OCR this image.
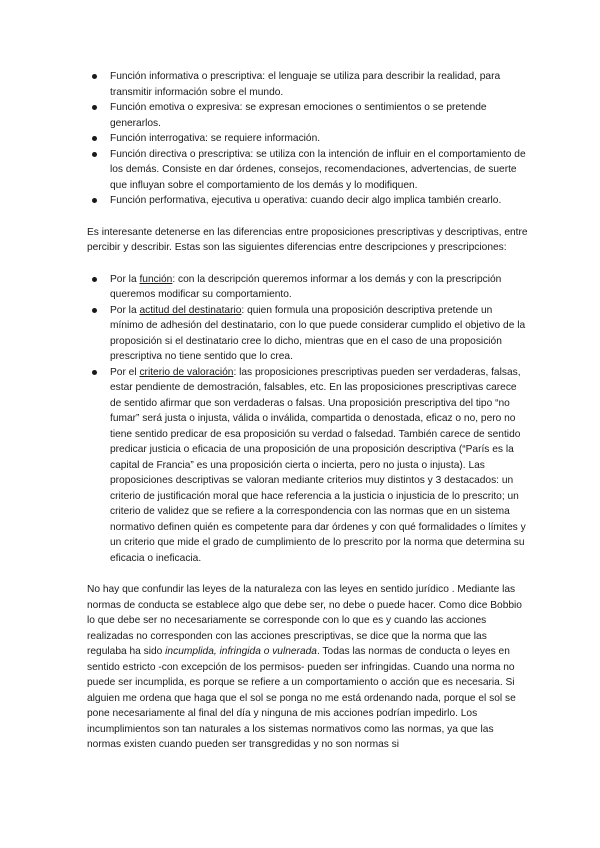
Función informativa o prescriptiva: el lenguaje se utiliza para describir la realidad, para transmitir información sobre el mundo.
Función emotiva o expresiva: se expresan emociones o sentimientos o se pretende generarlos.
Función interrogativa: se requiere información.
Función directiva o prescriptiva: se utiliza con la intención de influir en el comportamiento de los demás. Consiste en dar órdenes, consejos, recomendaciones, advertencias, de suerte que influyan sobre el comportamiento de los demás y lo modifiquen.
Función performativa, ejecutiva u operativa: cuando decir algo implica también crearlo.

Es interesante detenerse en las diferencias entre proposiciones prescriptivas y descriptivas, entre percibir y describir. Estas son las siguientes diferencias entre descripciones y prescripciones:

Por la función: con la descripción queremos informar a los demás y con la prescripción queremos modificar su comportamiento.
Por la actitud del destinatario: quien formula una proposición descriptiva pretende un mínimo de adhesión del destinatario, con lo que puede considerar cumplido el objetivo de la proposición si el destinatario cree lo dicho, mientras que en el caso de una proposición prescriptiva no tiene sentido que lo crea.
Por el criterio de valoración: las proposiciones prescriptivas pueden ser verdaderas, falsas, estar pendiente de demostración, falsables, etc. En las proposiciones prescriptivas carece de sentido afirmar que son verdaderas o falsas. Una proposición prescriptiva del tipo “no fumar” será justa o injusta, válida o inválida, compartida o denostada, eficaz o no, pero no tiene sentido predicar de esa proposición su verdad o falsedad. También carece de sentido predicar justicia o eficacia de una proposición de una proposición descriptiva (“París es la capital de Francia” es una proposición cierta o incierta, pero no justa o injusta). Las proposiciones descriptivas se valoran mediante criterios muy distintos y 3 destacados: un criterio de justificación moral que hace referencia a la justicia o injusticia de lo prescrito; un criterio de validez que se refiere a la correspondencia con las normas que en un sistema normativo definen quién es competente para dar órdenes y con qué formalidades o límites y un criterio que mide el grado de cumplimiento de lo prescrito por la norma que determina su eficacia o ineficacia.

No hay que confundir las leyes de la naturaleza con las leyes en sentido jurídico . Mediante las normas de conducta se establece algo que debe ser, no debe o puede hacer. Como dice Bobbio lo que debe ser no necesariamente se corresponde con lo que es y cuando las acciones realizadas no corresponden con las acciones prescriptivas, se dice que la norma que las regulaba ha sido incumplida, infringida o vulnerada. Todas las normas de conducta o leyes en sentido estricto -con excepción de los permisos- pueden ser infringidas. Cuando una norma no puede ser incumplida, es porque se refiere a un comportamiento o acción que es necesaria. Si alguien me ordena que haga que el sol se ponga no me está ordenando nada, porque el sol se pone necesariamente al final del día y ninguna de mis acciones podrían impedirlo. Los incumplimientos son tan naturales a los sistemas normativos como las normas, ya que las normas existen cuando pueden ser transgredidas y no son normas si
